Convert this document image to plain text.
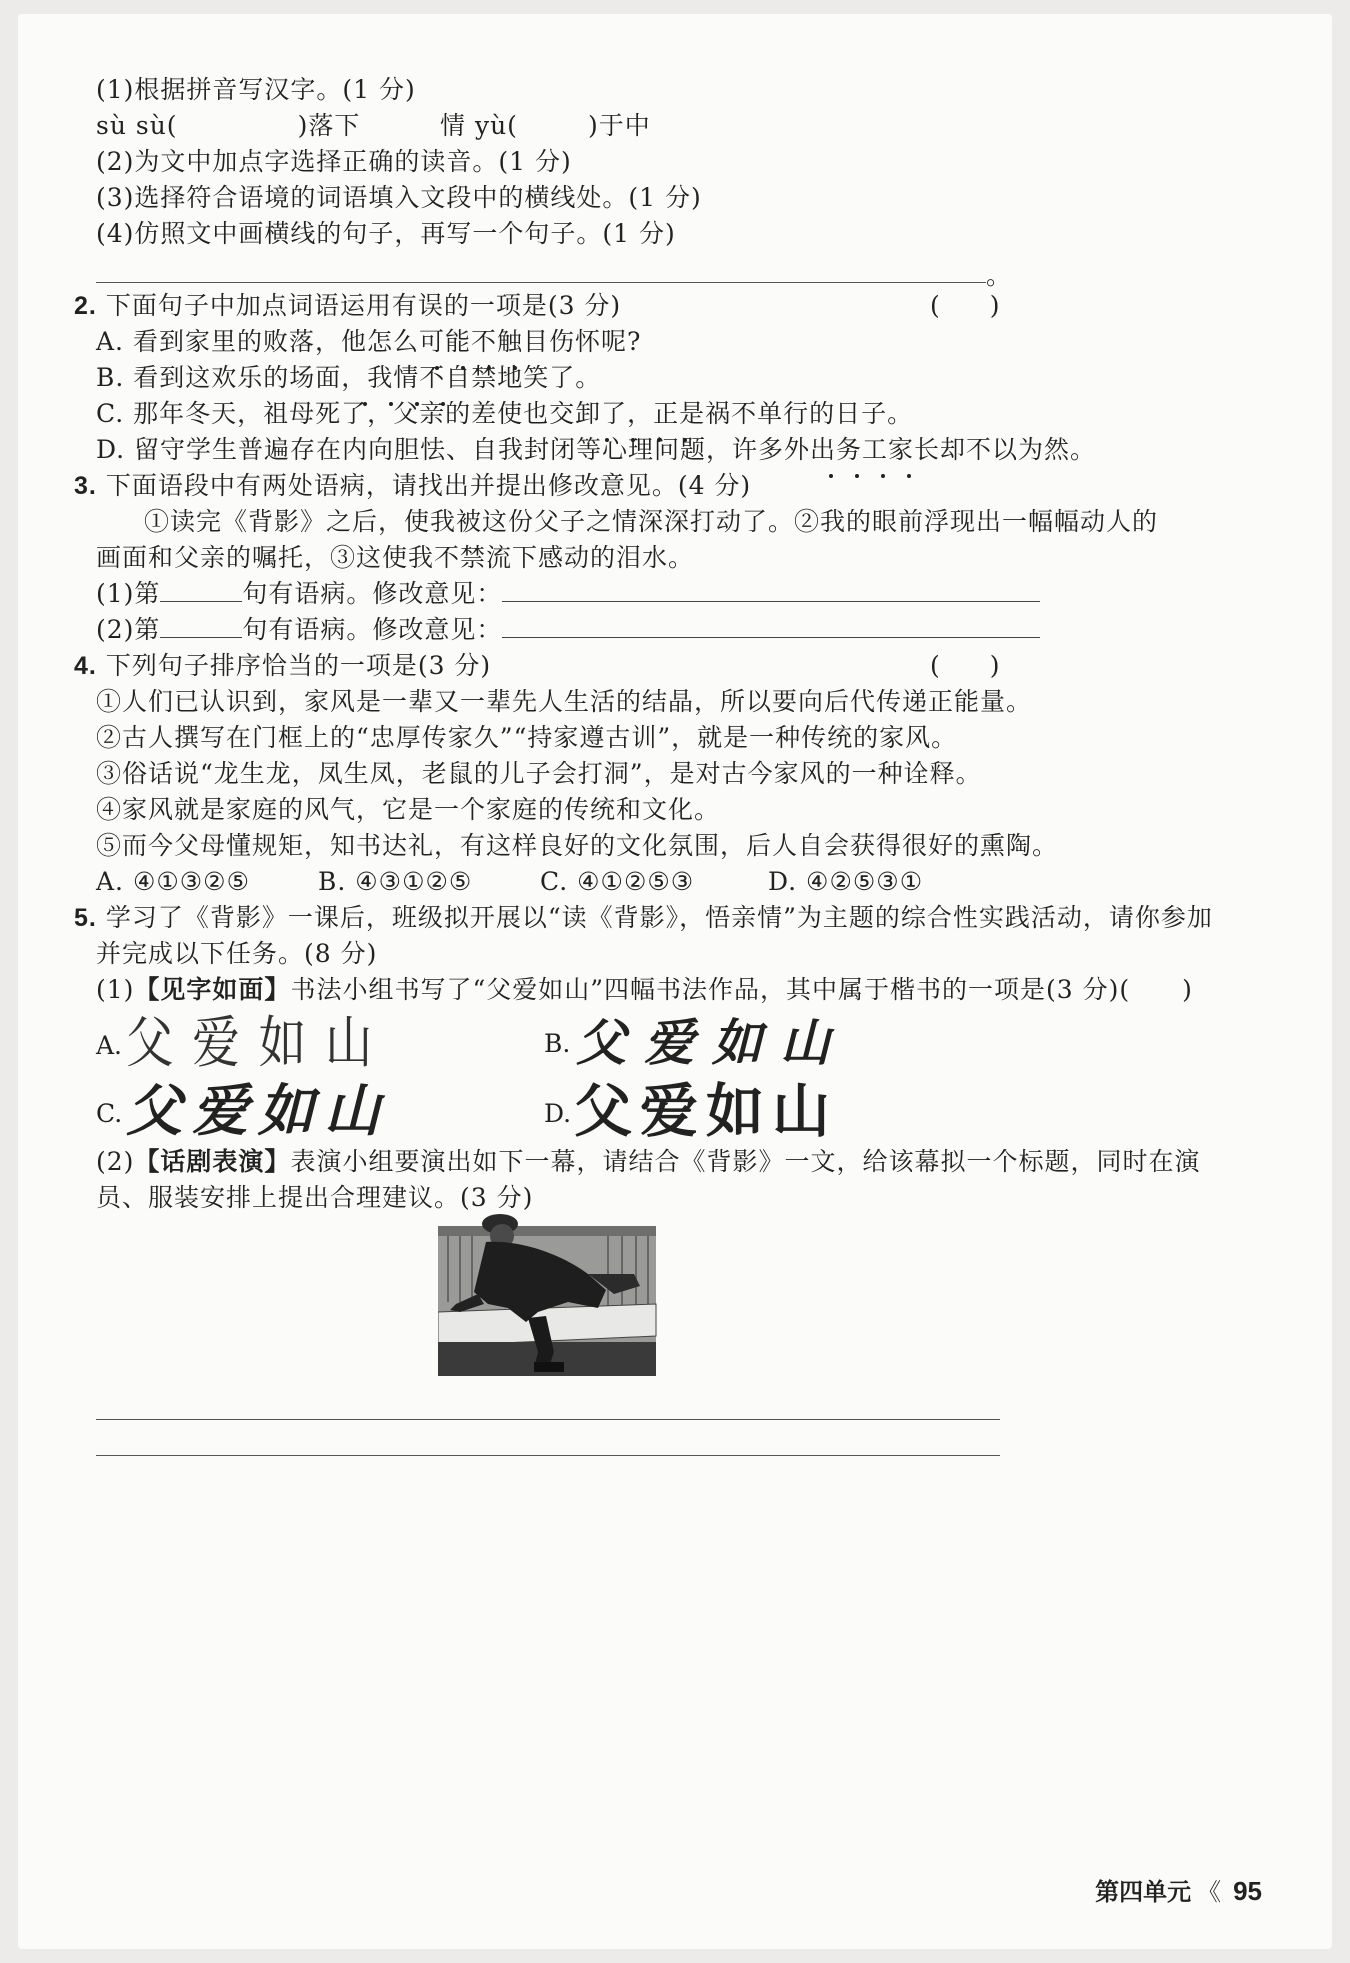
(1)根据拼音写汉字。(1 分)
sù sù(	)落下	情 yù(	)于中
(2)为文中加点字选择正确的读音。(1 分)
(3)选择符合语境的词语填入文段中的横线处。(1 分)
(4)仿照文中画横线的句子，再写一个句子。(1 分)
。
2. 下面句子中加点词语运用有误的一项是(3 分)	(　　)
A. 看到家里的败落，他怎么可能不触目伤怀呢?
B. 看到这欢乐的场面，我情不自禁地笑了。
C. 那年冬天，祖母死了，父亲的差使也交卸了，正是祸不单行的日子。
D. 留守学生普遍存在内向胆怯、自我封闭等心理问题，许多外出务工家长却不以为然。
3. 下面语段中有两处语病，请找出并提出修改意见。(4 分)
①读完《背影》之后，使我被这份父子之情深深打动了。②我的眼前浮现出一幅幅动人的
画面和父亲的嘱托，③这使我不禁流下感动的泪水。
(1)第	句有语病。修改意见：
(2)第	句有语病。修改意见：
4. 下列句子排序恰当的一项是(3 分)	(　　)
①人们已认识到，家风是一辈又一辈先人生活的结晶，所以要向后代传递正能量。
②古人撰写在门框上的“忠厚传家久”“持家遵古训”，就是一种传统的家风。
③俗话说“龙生龙，凤生凤，老鼠的儿子会打洞”，是对古今家风的一种诠释。
④家风就是家庭的风气，它是一个家庭的传统和文化。
⑤而今父母懂规矩，知书达礼，有这样良好的文化氛围，后人自会获得很好的熏陶。
A. ④①③②⑤	B. ④③①②⑤	C. ④①②⑤③	D. ④②⑤③①
5. 学习了《背影》一课后，班级拟开展以“读《背影》，悟亲情”为主题的综合性实践活动，请你参加
并完成以下任务。(8 分)
(1)【见字如面】书法小组书写了“父爱如山”四幅书法作品，其中属于楷书的一项是(3 分)(　　)
A. 父爱如山	B. 父爱如山
C. 父爱如山	D. 父爱如山
(2)【话剧表演】表演小组要演出如下一幕，请结合《背影》一文，给该幕拟一个标题，同时在演
员、服装安排上提出合理建议。(3 分)
第四单元 《 95
